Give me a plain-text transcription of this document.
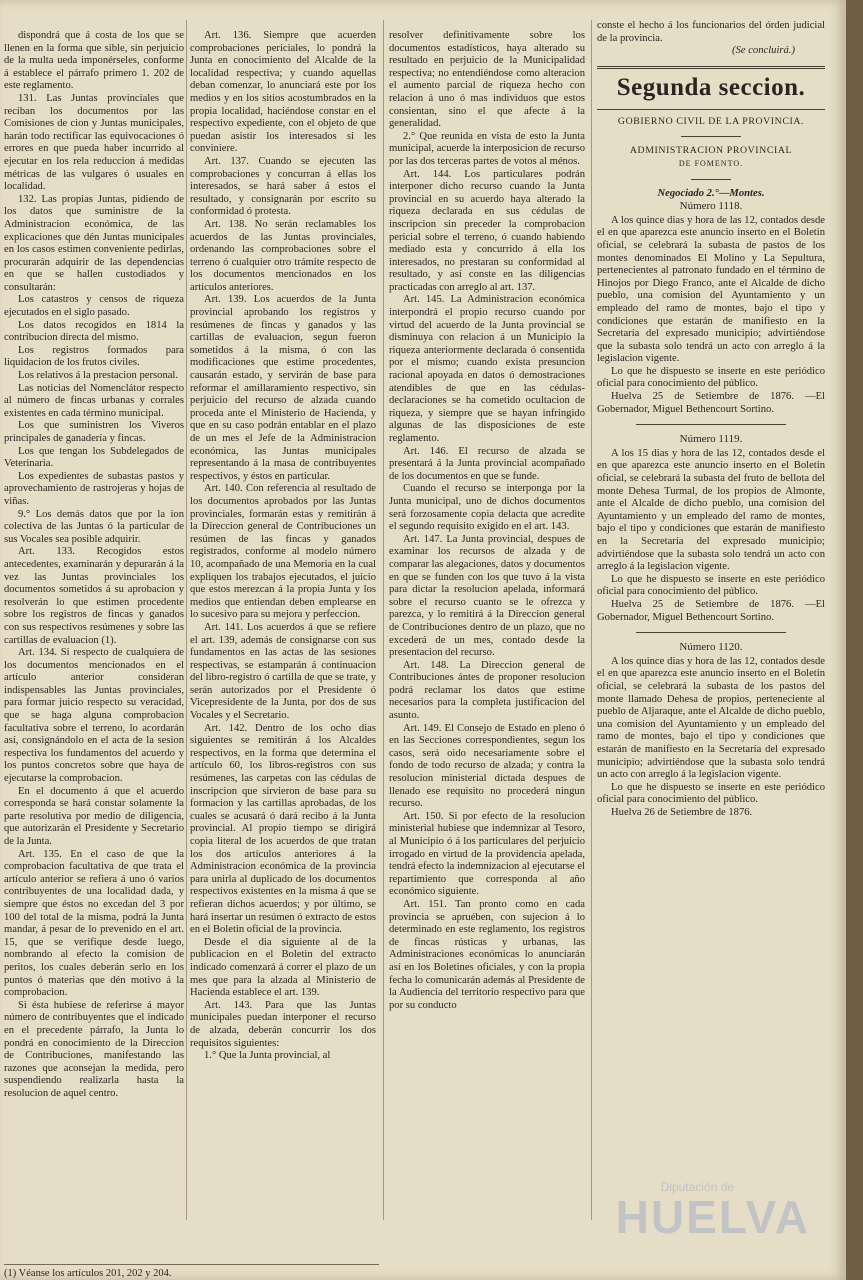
dispondrá que á costa de los que se llenen en la forma que sible, sin perjuicio de la multa ueda imponérseles, conforme á establece el párrafo primero 1. 202 de este reglamento.

131. Las Juntas provinciales que reciban los documentos por las Comisiones de cion y Juntas municipales, harán todo rectificar las equivocaciones ó errores en que pueda haber incurrido al ejecutar en los rela reduccion á medidas métricas de las vulgares ó usuales en localidad.

132. Las propias Juntas, pidiendo de los datos que suministre de la Administracion económica, de las explicaciones que dén Juntas municipales en los casos estimen conveniente pedirlas, procurarán adquirir de las dependencias en que se hallen custodiados y consultarán:

Los catastros y censos de riqueza ejecutados en el siglo pasado.

Los datos recogidos en 1814 la contribucion directa del mismo.

Los registros formados para liquidacion de los frutos civiles.

Los relativos á la prestacion personal.

Las noticias del Nomenclátor respecto al número de fincas urbanas y corrales existentes en cada término municipal.

Los que suministren los Viveros principales de ganadería y fincas.

Los que tengan los Subdelegados de Veterinaria.

Los expedientes de subastas pastos y aprovechamiento de rastrojeras y hojas de viñas.

9.° Los demás datos que por la ion colectiva de las Juntas ó la particular de sus Vocales sea posible adquirir.

Art. 133. Recogidos estos antecedentes, examinarán y depurarán á la vez las Juntas provinciales los documentos sometidos á su aprobacion y resolverán lo que estimen procedente sobre los registros de fincas y ganados con sus respectivos resúmenes y sobre las cartillas de evaluacion (1).

Art. 134. Si respecto de cualquiera de los documentos mencionados en el artículo anterior consideran indispensables las Juntas provinciales, para formar juicio respecto su veracidad, que se haga alguna comprobacion facultativa sobre el terreno, lo acordarán así, consignándolo en el acta de la sesion respectiva los fundamentos del acuerdo y los puntos concretos sobre que haya de ejecutarse la comprobacion.

En el documento á que el acuerdo corresponda se hará constar solamente la parte resolutiva por medio de diligencia, que autorizarán el Presidente y Secretario de la Junta.

Art. 135. En el caso de que la comprobacion facultativa de que trata el artículo anterior se refiera á uno ó varios contribuyentes de una localidad dada, y siempre que éstos no excedan del 3 por 100 del total de la misma, podrá la Junta mandar, á pesar de lo prevenido en el art. 15, que se verifique desde luego, nombrando al efecto la comision de peritos, los cuales deberán serlo en los puntos ó materias que dén motivo á la comprobacion.

Si ésta hubiese de referirse á mayor número de contribuyentes que el indicado en el precedente párrafo, la Junta lo pondrá en conocimiento de la Direccion de Contribuciones, manifestando las razones que aconsejan la medida, pero suspendiendo realizarla hasta la resolucion de aquel centro.

Art. 136. Siempre que acuerden comprobaciones periciales, lo pondrá la Junta en conocimiento del Alcalde de la localidad respectiva; y cuando aquellas deban comenzar, lo anunciará este por los medios y en los sitios acostumbrados en la propia localidad, haciéndose constar en el respectivo expediente, con el objeto de que puedan asistir los interesados si les conviniere.

Art. 137. Cuando se ejecuten las comprobaciones y concurran á ellas los interesados, se hará saber á estos el resultado, y consignarán por escrito su conformidad ó protesta.

Art. 138. No serán reclamables los acuerdos de las Juntas provinciales, ordenando las comprobaciones sobre el terreno ó cualquier otro trámite respecto de los documentos mencionados en los artículos anteriores.

Art. 139. Los acuerdos de la Junta provincial aprobando los registros y resúmenes de fincas y ganados y las cartillas de evaluacion, segun fueron sometidos á la misma, ó con las modificaciones que estime procedentes, causarán estado, y servirán de base para reformar el amillaramiento respectivo, sin perjuicio del recurso de alzada cuando proceda ante el Ministerio de Hacienda, y que en su caso podrán entablar en el plazo de un mes el Jefe de la Administracion económica, las Juntas municipales representando á la masa de contribuyentes respectivos, y éstos en particular.

Art. 140. Con referencia al resultado de los documentos aprobados por las Juntas provinciales, formarán estas y remitirán á la Direccion general de Contribuciones un resúmen de las fincas y ganados registrados, conforme al modelo número 10, acompañado de una Memoria en la cual expliquen los trabajos ejecutados, el juicio que estos merezcan á la propia Junta y los medios que entiendan deben emplearse en lo sucesivo para su mejora y perfeccion.

Art. 141. Los acuerdos á que se refiere el art. 139, además de consignarse con sus fundamentos en las actas de las sesiones respectivas, se estamparán á continuacion del libro-registro ó cartilla de que se trate, y serán autorizados por el Presidente ó Vicepresidente de la Junta, por dos de sus Vocales y el Secretario.

Art. 142. Dentro de los ocho dias siguientes se remitirán á los Alcaldes respectivos, en la forma que determina el artículo 60, los libros-registros con sus resúmenes, las carpetas con las cédulas de inscripcion que sirvieron de base para su formacion y las cartillas aprobadas, de los cuales se acusará ó dará recibo á la Junta provincial. Al propio tiempo se dirigirá copia literal de los acuerdos de que tratan los dos artículos anteriores á la Administracion económica de la provincia para unirla al duplicado de los documentos respectivos existentes en la misma á que se refieran dichos acuerdos; y por último, se hará insertar un resúmen ó extracto de estos en el Boletin oficial de la provincia.

Desde el dia siguiente al de la publicacion en el Boletin del extracto indicado comenzará á correr el plazo de un mes que para la alzada al Ministerio de Hacienda establece el art. 139.

Art. 143. Para que las Juntas municipales puedan interponer el recurso de alzada, deberán concurrir los dos requisitos siguientes:

1.° Que la Junta provincial, al

(1) Véanse los artículos 201, 202 y 204.

resolver definitivamente sobre los documentos estadísticos, haya alterado su resultado en perjuicio de la Municipalidad respectiva; no entendiéndose como alteracion el aumento parcial de riqueza hecho con relacion á uno ó mas individuos que estos consientan, sino el que afecte á la generalidad.

2.° Que reunida en vista de esto la Junta municipal, acuerde la interposicion de recurso por las dos terceras partes de votos al ménos.

Art. 144. Los particulares podrán interponer dicho recurso cuando la Junta provincial en su acuerdo haya alterado la riqueza declarada en sus cédulas de inscripcion sin preceder la comprobacion pericial sobre el terreno, ó cuando habiendo mediado esta y concurrido á ella los interesados, no prestaran su conformidad al resultado, y así conste en las diligencias practicadas con arreglo al art. 137.

Art. 145. La Administracion económica interpondrá el propio recurso cuando por virtud del acuerdo de la Junta provincial se disminuya con relacion á un Municipio la riqueza anteriormente declarada ó consentida por el mismo; cuando exista presuncion racional apoyada en datos ó demostraciones atendibles de que en las cédulas-declaraciones se ha cometido ocultacion de riqueza, y siempre que se hayan infringido algunas de las disposiciones de este reglamento.

Art. 146. El recurso de alzada se presentará á la Junta provincial acompañado de los documentos en que se funde.

Cuando el recurso se interponga por la Junta municipal, uno de dichos documentos será forzosamente copia delacta que acredite el segundo requisito exigido en el art. 143.

Art. 147. La Junta provincial, despues de examinar los recursos de alzada y de comparar las alegaciones, datos y documentos en que se funden con los que tuvo á la vista para dictar la resolucion apelada, informará sobre el recurso cuanto se le ofrezca y parezca, y lo remitirá á la Direccion general de Contribuciones dentro de un plazo, que no excederá de un mes, contado desde la presentacion del recurso.

Art. 148. La Direccion general de Contribuciones ántes de proponer resolucion podrá reclamar los datos que estime necesarios para la completa justificacion del asunto.

Art. 149. El Consejo de Estado en pleno ó en las Secciones correspondientes, segun los casos, será oido necesariamente sobre el fondo de todo recurso de alzada; y contra la resolucion ministerial dictada despues de llenado ese requisito no procederá ningun recurso.

Art. 150. Si por efecto de la resolucion ministerial hubiese que indemnizar al Tesoro, al Municipio ó á los particulares del perjuicio irrogado en virtud de la providencia apelada, tendrá efecto la indemnizacion al ejecutarse el repartimiento que corresponda al año económico siguiente.

Art. 151. Tan pronto como en cada provincia se apruében, con sujecion á lo determinado en este reglamento, los registros de fincas rústicas y urbanas, las Administraciones económicas lo anunciarán así en los Boletines oficiales, y con la propia fecha lo comunicarán además al Presidente de la Audiencia del territorio respectivo para que por su conducto

conste el hecho á los funcionarios del órden judicial de la provincia.

(Se concluirá.)

Segunda seccion.

GOBIERNO CIVIL DE LA PROVINCIA.

ADMINISTRACION PROVINCIAL

DE FOMENTO.

Negociado 2.°—Montes.

Número 1118.

A los quince dias y hora de las 12, contados desde el en que aparezca este anuncio inserto en el Boletin oficial, se celebrará la subasta de pastos de los montes denominados El Molino y La Sepultura, pertenecientes al patronato fundado en el término de Hinojos por Diego Franco, ante el Alcalde de dicho pueblo, una comision del Ayuntamiento y un empleado del ramo de montes, bajo el tipo y condiciones que estarán de manifiesto en la Secretaría del expresado municipio; advirtiéndose que la subasta solo tendrá un acto con arreglo á la legislacion vigente.

Lo que he dispuesto se inserte en este periódico oficial para conocimiento del público.

Huelva 25 de Setiembre de 1876. —El Gobernador, Miguel Bethencourt Sortino.

Número 1119.

A los 15 dias y hora de las 12, contados desde el en que aparezca este anuncio inserto en el Boletin oficial, se celebrará la subasta del fruto de bellota del monte Dehesa Turmal, de los propios de Almonte, ante el Alcalde de dicho pueblo, una comision del Ayuntamiento y un empleado del ramo de montes, bajo el tipo y condiciones que estarán de manifiesto en la Secretaría del expresado municipio; advirtiéndose que la subasta solo tendrá un acto con arreglo á la legislacion vigente.

Lo que he dispuesto se inserte en este periódico oficial para conocimiento del público.

Huelva 25 de Setiembre de 1876. —El Gobernador, Miguel Bethencourt Sortino.

Número 1120.

A los quince dias y hora de las 12, contados desde el en que aparezca este anuncio inserto en el Boletin oficial, se celebrará la subasta de los pastos del monte llamado Dehesa de propios, perteneciente al pueblo de Aljaraque, ante el Alcalde de dicho pueblo, una comision del Ayuntamiento y un empleado del ramo de montes, bajo el tipo y condiciones que estarán de manifiesto en la Secretaría del expresado municipio; advirtiéndose que la subasta solo tendrá un acto con arreglo á la legislacion vigente.

Lo que he dispuesto se inserte en este periódico oficial para conocimiento del público.

Huelva 26 de Setiembre de 1876.

Diputación de
HUELVA
